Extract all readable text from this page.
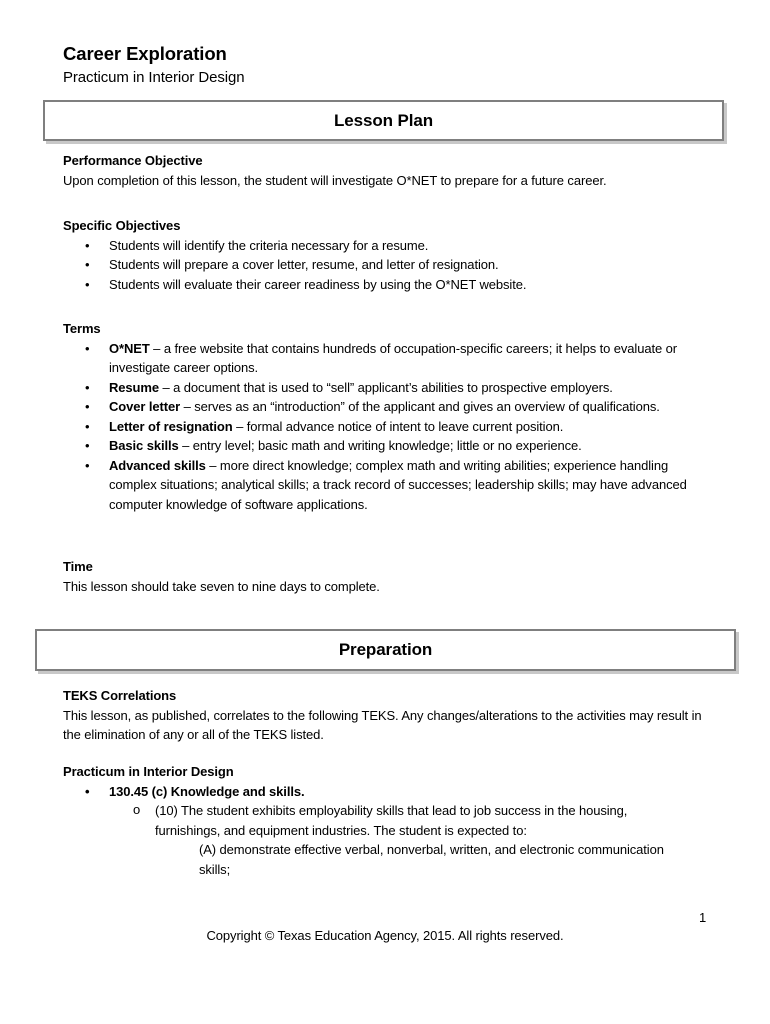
Career Exploration
Practicum in Interior Design
Lesson Plan
Performance Objective

Upon completion of this lesson, the student will investigate O*NET to prepare for a future career.

Specific Objectives
• Students will identify the criteria necessary for a resume.
• Students will prepare a cover letter, resume, and letter of resignation.
• Students will evaluate their career readiness by using the O*NET website.
Terms
• O*NET – a free website that contains hundreds of occupation-specific careers; it helps to evaluate or investigate career options.
• Resume – a document that is used to “sell” applicant’s abilities to prospective employers.
• Cover letter – serves as an “introduction” of the applicant and gives an overview of qualifications.
• Letter of resignation – formal advance notice of intent to leave current position.
• Basic skills – entry level; basic math and writing knowledge; little or no experience.
• Advanced skills – more direct knowledge; complex math and writing abilities; experience handling complex situations; analytical skills; a track record of successes; leadership skills; may have advanced computer knowledge of software applications.
Time

This lesson should take seven to nine days to complete.

Preparation
TEKS Correlations

This lesson, as published, correlates to the following TEKS. Any changes/alterations to the activities may result in the elimination of any or all of the TEKS listed.

Practicum in Interior Design
• 130.45 (c) Knowledge and skills.
o (10) The student exhibits employability skills that lead to job success in the housing, furnishings, and equipment industries. The student is expected to:
(A) demonstrate effective verbal, nonverbal, written, and electronic communication skills;
1
Copyright © Texas Education Agency, 2015. All rights reserved.
